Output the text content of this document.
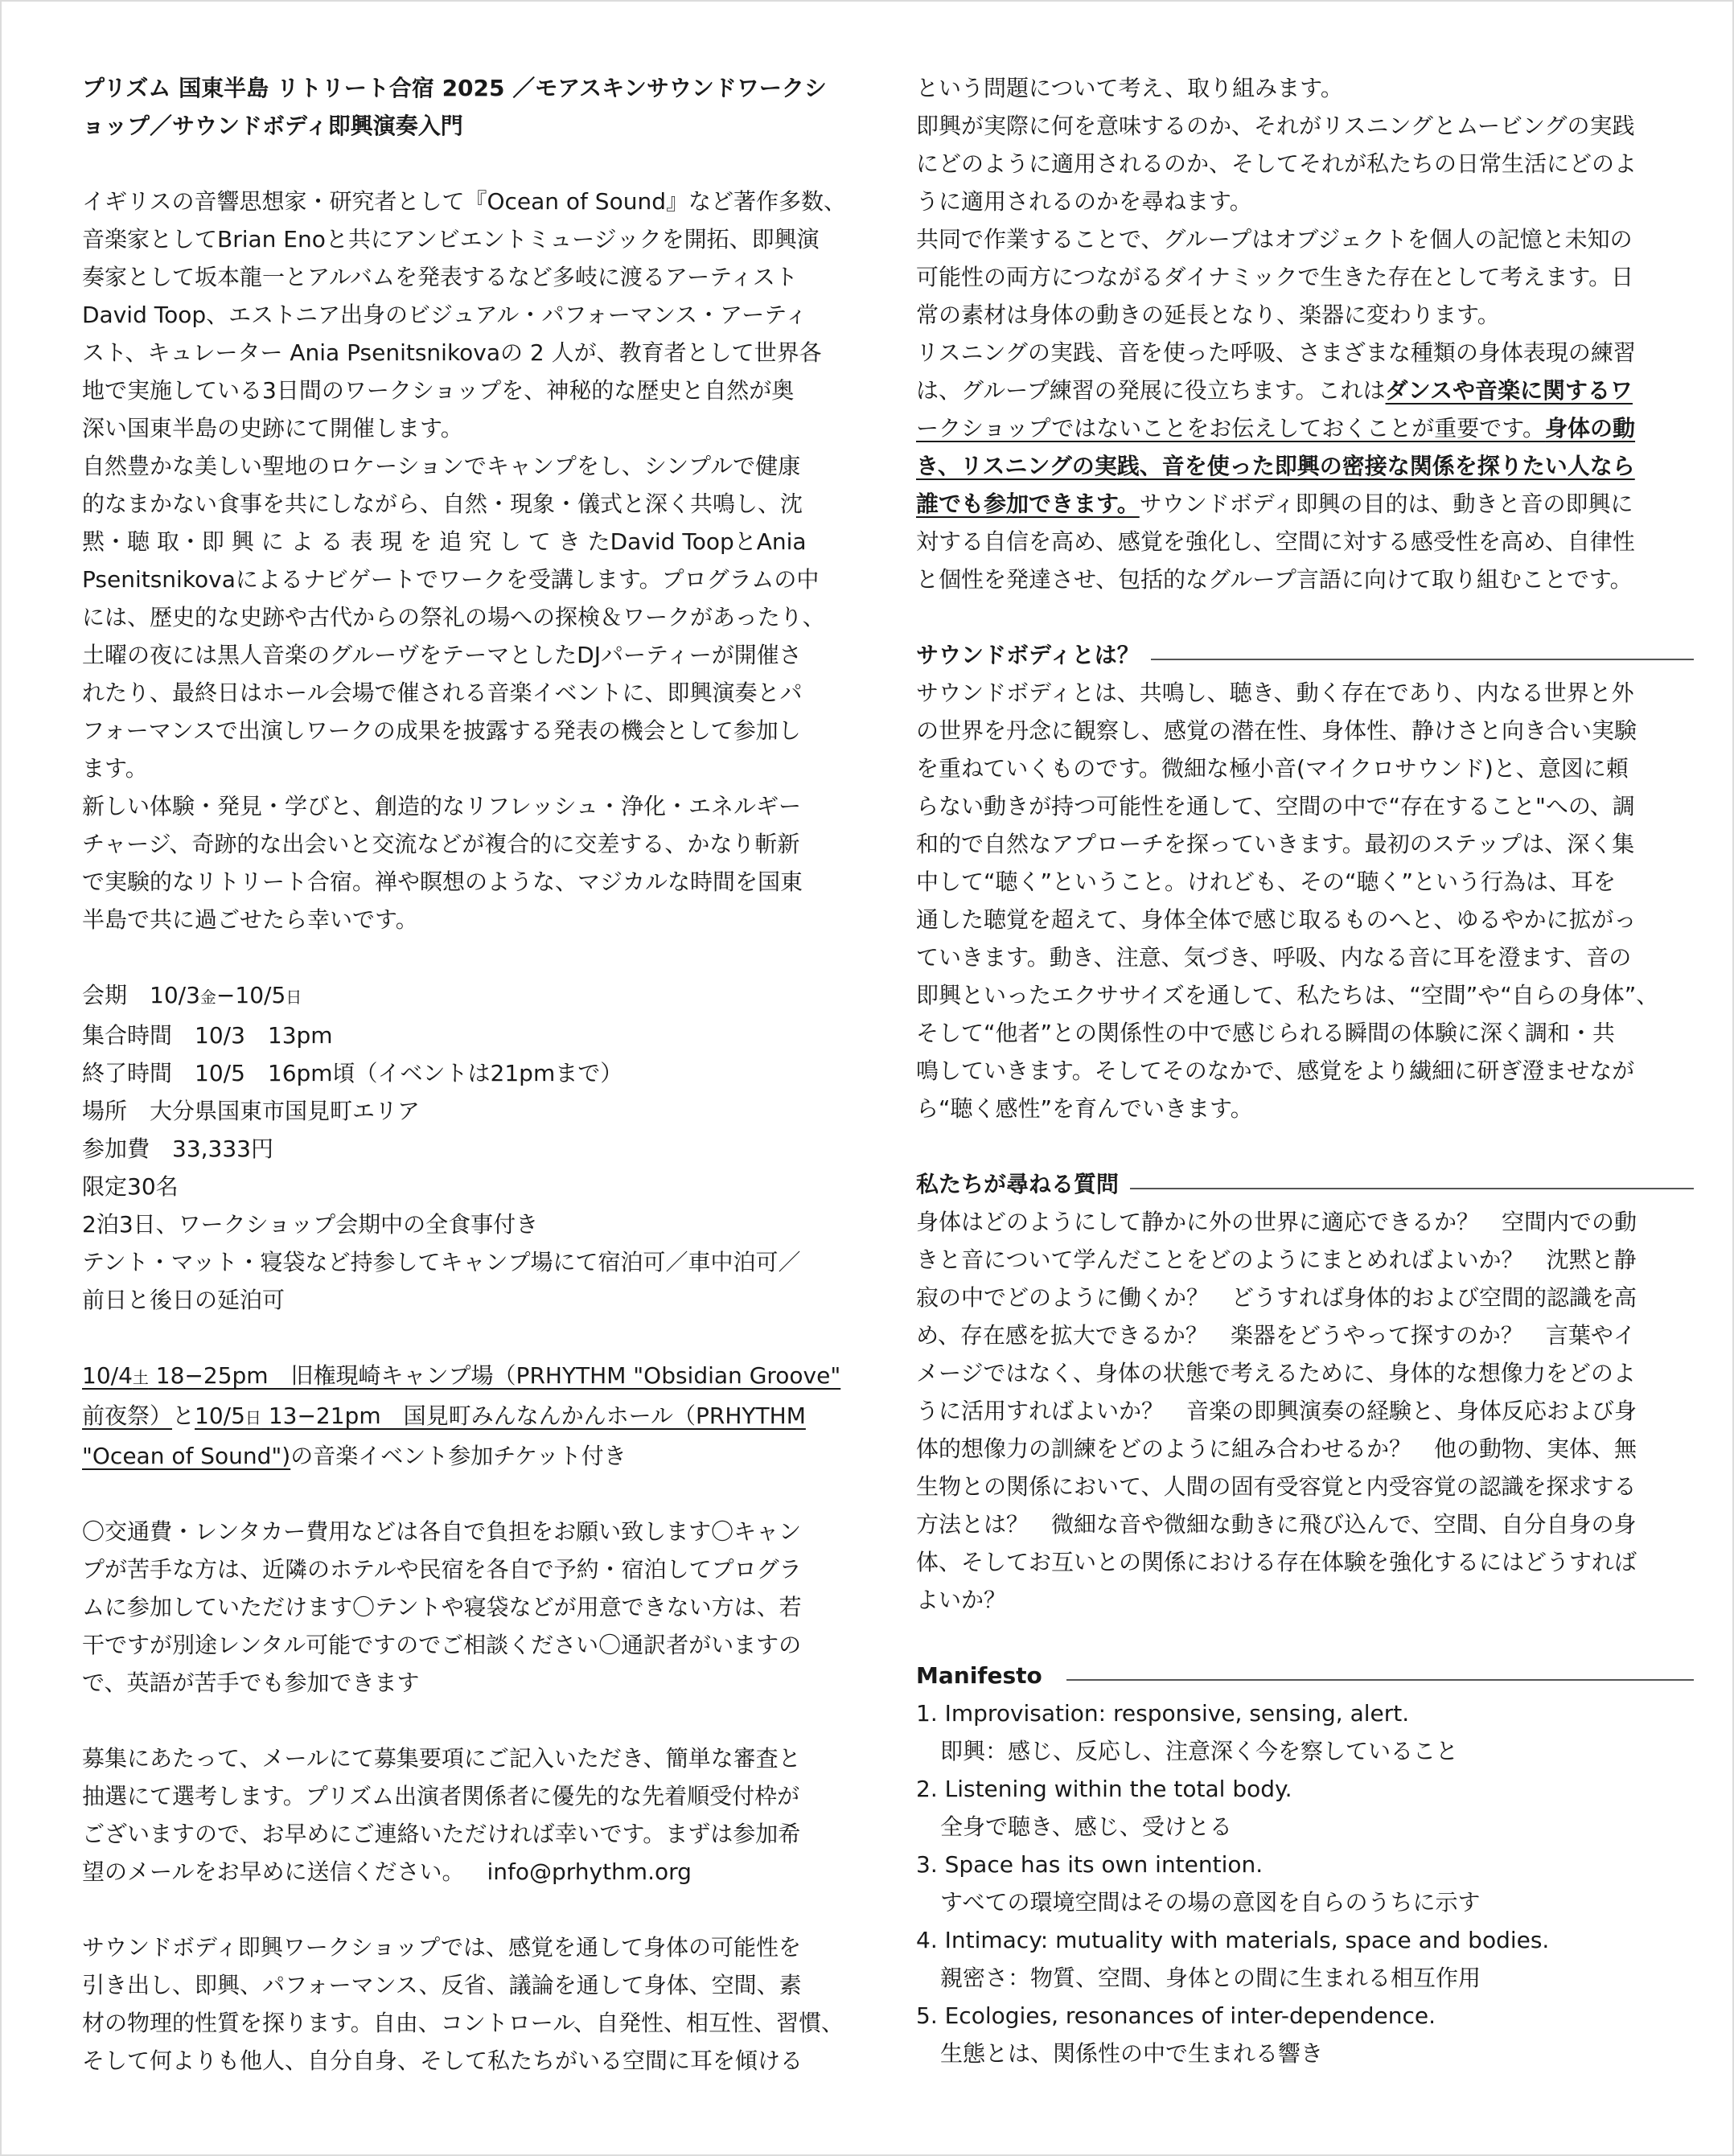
プリズム 国東半島 リトリート合宿 2025 ／モアスキンサウンドワークシ

ョップ／サウンドボディ即興演奏入門

イギリスの音響思想家・研究者として『Ocean of Sound』など著作多数、

音楽家としてBrian Enoと共にアンビエントミュージックを開拓、即興演

奏家として坂本龍一とアルバムを発表するなど多岐に渡るアーティスト

David Toop、エストニア出身のビジュアル・パフォーマンス・アーティ

スト、キュレーター Ania Psenitsnikovaの 2 人が、教育者として世界各

地で実施している3日間のワークショップを、神秘的な歴史と自然が奥

深い国東半島の史跡にて開催します。

自然豊かな美しい聖地のロケーションでキャンプをし、シンプルで健康

的なまかない食事を共にしながら、自然・現象・儀式と深く共鳴し、沈

黙・聴 取・即 興 に よ る 表 現 を 追 究 し て き たDavid ToopとAnia

Psenitsnikovaによるナビゲートでワークを受講します。プログラムの中

には、歴史的な史跡や古代からの祭礼の場への探検＆ワークがあったり、

土曜の夜には黒人音楽のグルーヴをテーマとしたDJパーティーが開催さ

れたり、最終日はホール会場で催される音楽イベントに、即興演奏とパ

フォーマンスで出演しワークの成果を披露する発表の機会として参加し

ます。

新しい体験・発見・学びと、創造的なリフレッシュ・浄化・エネルギー

チャージ、奇跡的な出会いと交流などが複合的に交差する、かなり斬新

で実験的なリトリート合宿。禅や瞑想のような、マジカルな時間を国東

半島で共に過ごせたら幸いです。

会期　 10/3金−10/5日

集合時間　10/3　13pm

終了時間　10/5　16pm頃（イベントは21pmまで）

場所　大分県国東市国見町エリア

参加費　33,333円

限定30名

2泊3日、ワークショップ会期中の全食事付き

テント・マット・寝袋など持参してキャンプ場にて宿泊可／車中泊可／

前日と後日の延泊可

10/4土 18−25pm　旧権現崎キャンプ場（PRHYTHM "Obsidian Groove"

前夜祭）と10/5日 13−21pm　国見町みんなんかんホール（PRHYTHM

"Ocean of Sound")の音楽イベント参加チケット付き

〇交通費・レンタカー費用などは各自で負担をお願い致します〇キャン

プが苦手な方は、近隣のホテルや民宿を各自で予約・宿泊してプログラ

ムに参加していただけます〇テントや寝袋などが用意できない方は、若

干ですが別途レンタル可能ですのでご相談ください〇通訳者がいますの

で、英語が苦手でも参加できます

募集にあたって、メールにて募集要項にご記入いただき、簡単な審査と

抽選にて選考します。プリズム出演者関係者に優先的な先着順受付枠が

ございますので、お早めにご連絡いただければ幸いです。まずは参加希

望のメールをお早めに送信ください。 info@prhythm.org

サウンドボディ即興ワークショップでは、感覚を通して身体の可能性を

引き出し、即興、パフォーマンス、反省、議論を通して身体、空間、素

材の物理的性質を探ります。自由、コントロール、自発性、相互性、習慣、

そして何よりも他人、自分自身、そして私たちがいる空間に耳を傾ける

という問題について考え、取り組みます。

即興が実際に何を意味するのか、それがリスニングとムービングの実践

にどのように適用されるのか、そしてそれが私たちの日常生活にどのよ

うに適用されるのかを尋ねます。

共同で作業することで、グループはオブジェクトを個人の記憶と未知の

可能性の両方につながるダイナミックで生きた存在として考えます。日

常の素材は身体の動きの延長となり、楽器に変わります。

リスニングの実践、音を使った呼吸、さまざまな種類の身体表現の練習

は、グループ練習の発展に役立ちます。これはダンスや音楽に関するワ

ークショップではないことをお伝えしておくことが重要です。身体の動

き、リスニングの実践、音を使った即興の密接な関係を探りたい人なら

誰でも参加できます。サウンドボディ即興の目的は、動きと音の即興に

対する自信を高め、感覚を強化し、空間に対する感受性を高め、自律性

と個性を発達させ、包括的なグループ言語に向けて取り組むことです。

サウンドボディとは？

サウンドボディとは、共鳴し、聴き、動く存在であり、内なる世界と外

の世界を丹念に観察し、感覚の潜在性、身体性、静けさと向き合い実験

を重ねていくものです。微細な極小音(マイクロサウンド)と、意図に頼

らない動きが持つ可能性を通して、空間の中で“存在すること"への、調

和的で自然なアプローチを探っていきます。最初のステップは、深く集

中して“聴く”ということ。けれども、その“聴く”という行為は、耳を

通した聴覚を超えて、身体全体で感じ取るものへと、ゆるやかに拡がっ

ていきます。動き、注意、気づき、呼吸、内なる音に耳を澄ます、音の

即興といったエクササイズを通して、私たちは、“空間”や“自らの身体”、

そして“他者”との関係性の中で感じられる瞬間の体験に深く調和・共

鳴していきます。そしてそのなかで、感覚をより繊細に研ぎ澄ませなが

ら“聴く感性”を育んでいきます。

私たちが尋ねる質問

身体はどのようにして静かに外の世界に適応できるか？　空間内での動

きと音について学んだことをどのようにまとめればよいか？　沈黙と静

寂の中でどのように働くか？　どうすれば身体的および空間的認識を高

め、存在感を拡大できるか？　楽器をどうやって探すのか？　言葉やイ

メージではなく、身体の状態で考えるために、身体的な想像力をどのよ

うに活用すればよいか？　音楽の即興演奏の経験と、身体反応および身

体的想像力の訓練をどのように組み合わせるか？　他の動物、実体、無

生物との関係において、人間の固有受容覚と内受容覚の認識を探求する

方法とは？　微細な音や微細な動きに飛び込んで、空間、自分自身の身

体、そしてお互いとの関係における存在体験を強化するにはどうすれば

よいか？

Manifesto

1. Improvisation: responsive, sensing, alert.

即興：感じ、反応し、注意深く今を察していること

2. Listening within the total body.

全身で聴き、感じ、受けとる

3. Space has its own intention.

すべての環境空間はその場の意図を自らのうちに示す

4. Intimacy: mutuality with materials, space and bodies.

親密さ：物質、空間、身体との間に生まれる相互作用

5. Ecologies, resonances of inter-dependence.

生態とは、関係性の中で生まれる響き
